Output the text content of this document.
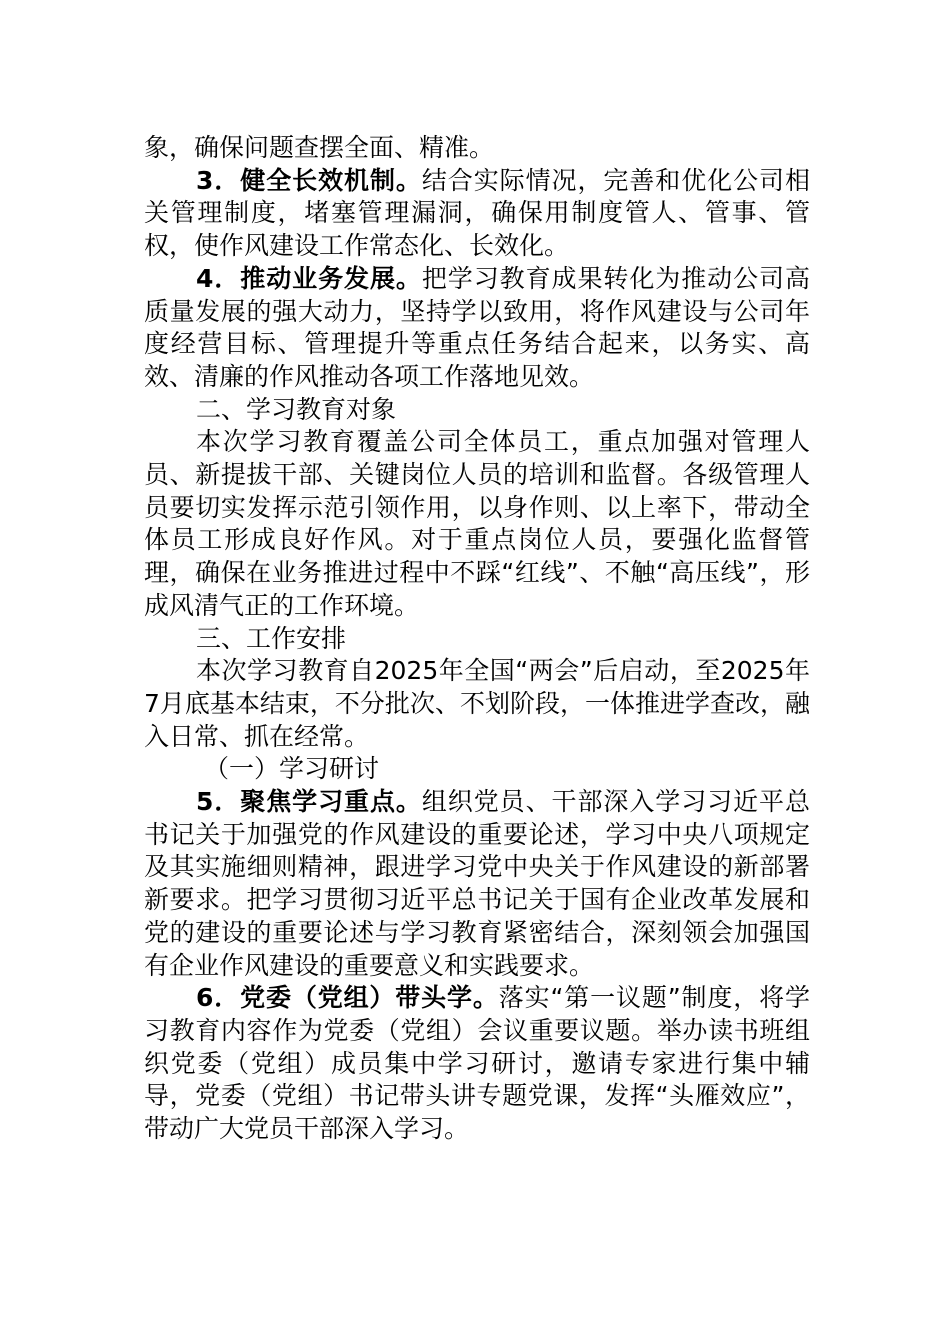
象，确保问题查摆全面、精准。

3．健全长效机制。结合实际情况，完善和优化公司相关管理制度，堵塞管理漏洞，确保用制度管人、管事、管权，使作风建设工作常态化、长效化。

4．推动业务发展。把学习教育成果转化为推动公司高质量发展的强大动力，坚持学以致用，将作风建设与公司年度经营目标、管理提升等重点任务结合起来，以务实、高效、清廉的作风推动各项工作落地见效。

二、学习教育对象

本次学习教育覆盖公司全体员工，重点加强对管理人员、新提拔干部、关键岗位人员的培训和监督。各级管理人员要切实发挥示范引领作用，以身作则、以上率下，带动全体员工形成良好作风。对于重点岗位人员，要强化监督管理，确保在业务推进过程中不踩“红线”、不触“高压线”，形成风清气正的工作环境。

三、工作安排

本次学习教育自2025年全国“两会”后启动，至2025年7月底基本结束，不分批次、不划阶段，一体推进学查改，融入日常、抓在经常。

（一）学习研讨

5．聚焦学习重点。组织党员、干部深入学习习近平总书记关于加强党的作风建设的重要论述，学习中央八项规定及其实施细则精神，跟进学习党中央关于作风建设的新部署新要求。把学习贯彻习近平总书记关于国有企业改革发展和党的建设的重要论述与学习教育紧密结合，深刻领会加强国有企业作风建设的重要意义和实践要求。

6．党委（党组）带头学。落实“第一议题”制度，将学习教育内容作为党委（党组）会议重要议题。举办读书班组织党委（党组）成员集中学习研讨，邀请专家进行集中辅导，党委（党组）书记带头讲专题党课，发挥“头雁效应”，带动广大党员干部深入学习。
